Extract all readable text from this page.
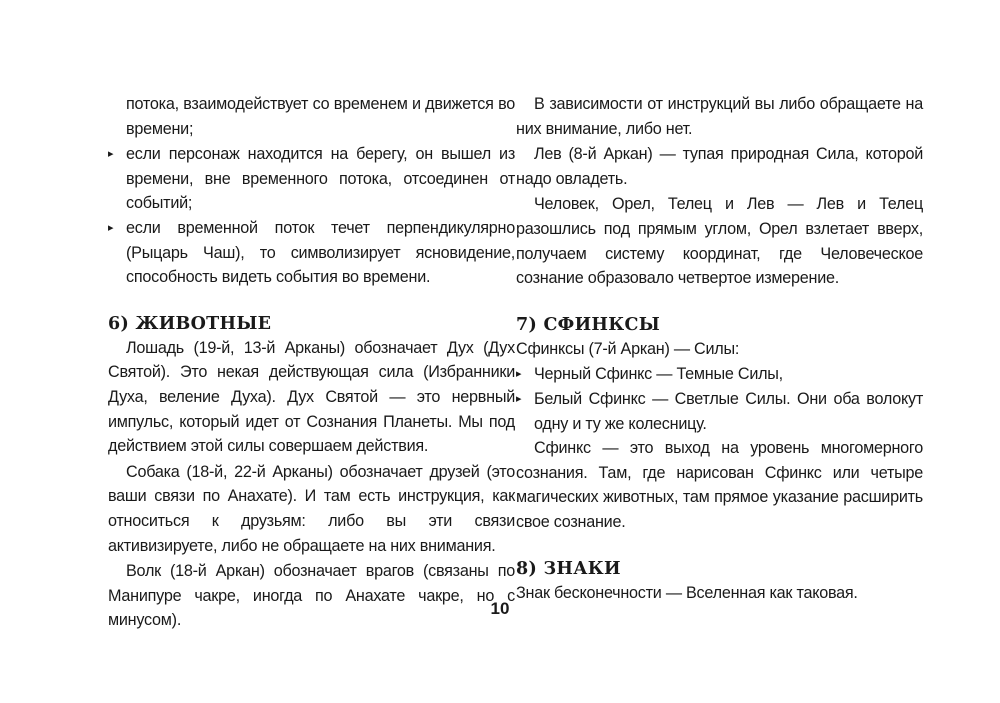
потока, взаимодействует со временем и движется во времени;

▸ если персонаж находится на берегу, он вышел из времени, вне временного потока, отсоединен от событий;
▸ если временной поток течет перпендикулярно (Рыцарь Чаш), то символизирует ясновидение, способность видеть события во времени.
6) ЖИВОТНЫЕ

Лошадь (19-й, 13-й Арканы) обозначает Дух (Дух Святой). Это некая действующая сила (Избранники Духа, веление Духа). Дух Святой — это нервный импульс, который идет от Сознания Планеты. Мы под действием этой силы совершаем действия.

Собака (18-й, 22-й Арканы) обозначает друзей (это ваши связи по Анахате). И там есть инструкция, как относиться к друзьям: либо вы эти связи активизируете, либо не обращаете на них внимания.

Волк (18-й Аркан) обозначает врагов (связаны по Манипуре чакре, иногда по Анахате чакре, но с минусом).

В зависимости от инструкций вы либо обращаете на них внимание, либо нет.

Лев (8-й Аркан) — тупая природная Сила, которой надо овладеть.

Человек, Орел, Телец и Лев — Лев и Телец разошлись под прямым углом, Орел взлетает вверх, получаем систему координат, где Человеческое сознание образовало четвертое измерение.

7) СФИНКСЫ

Сфинксы (7-й Аркан) — Силы:

▸ Черный Сфинкс — Темные Силы,
▸ Белый Сфинкс — Светлые Силы. Они оба волокут одну и ту же колесницу.

Сфинкс — это выход на уровень многомерного сознания. Там, где нарисован Сфинкс или четыре магических животных, там прямое указание расширить свое сознание.

8) ЗНАКИ

Знак бесконечности — Вселенная как таковая.

10
